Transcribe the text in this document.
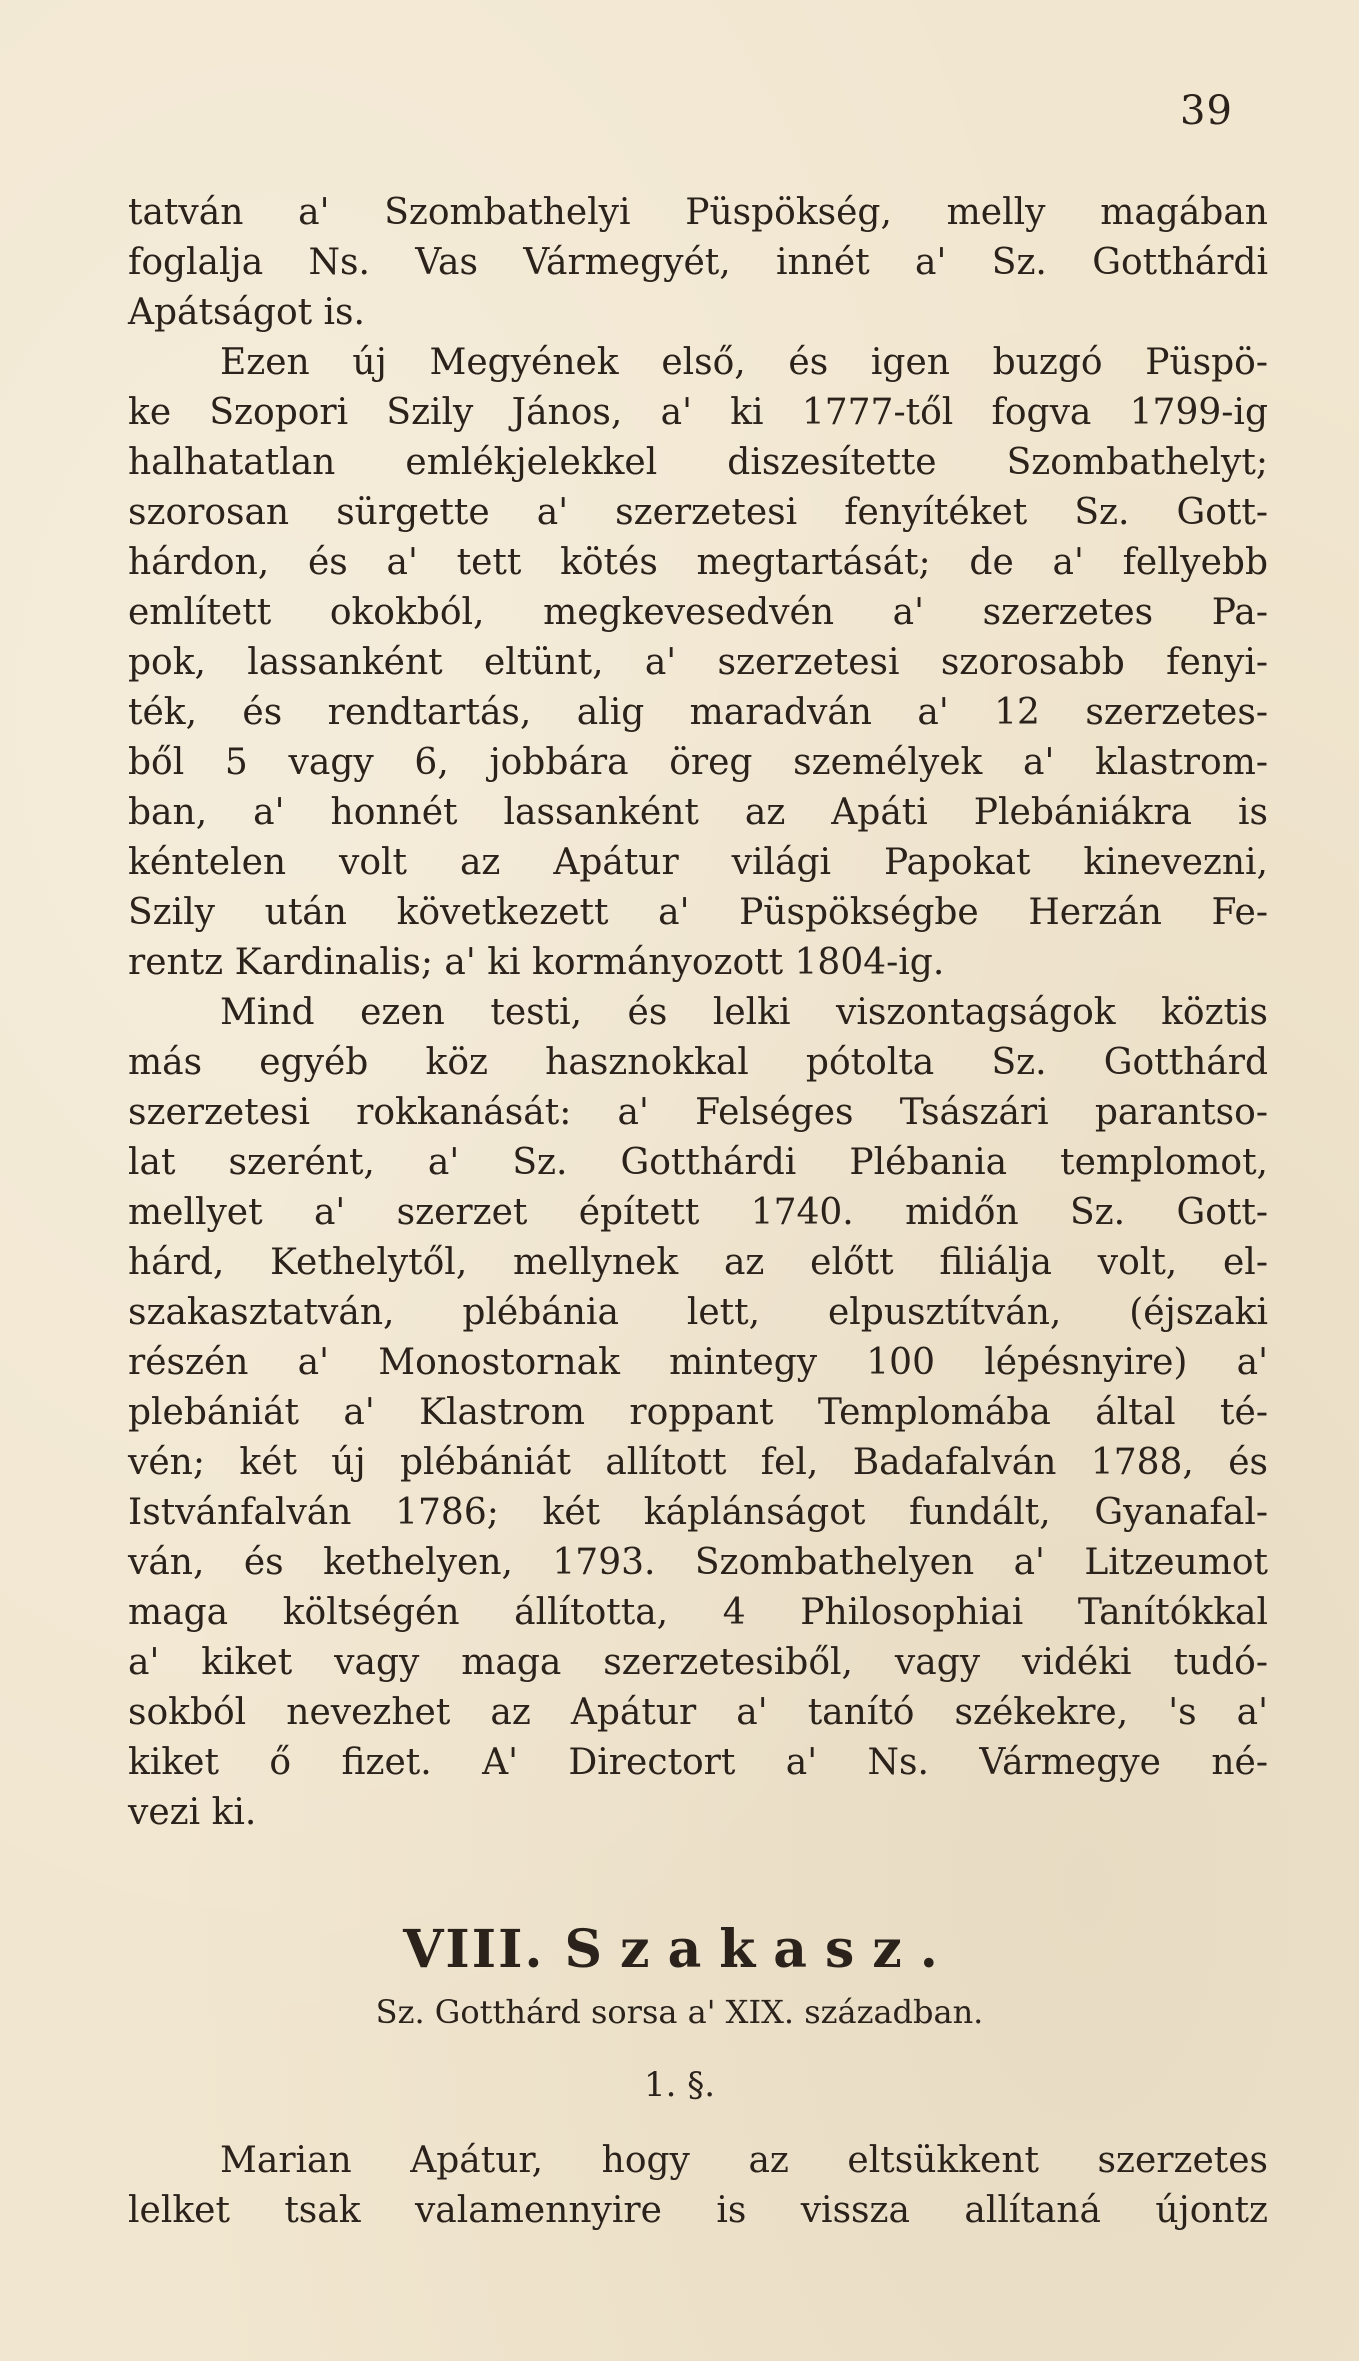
39
tatván a' Szombathelyi Püspökség, melly magában
foglalja Ns. Vas Vármegyét, innét a' Sz. Gotthárdi
Apátságot is.
Ezen új Megyének első, és igen buzgó Püspö-
ke Szopori Szily János, a' ki 1777-től fogva 1799-ig
halhatatlan emlékjelekkel diszesítette Szombathelyt;
szorosan sürgette a' szerzetesi fenyítéket Sz. Gott-
hárdon, és a' tett kötés megtartását; de a' fellyebb
említett okokból, megkevesedvén a' szerzetes Pa-
pok, lassanként eltünt, a' szerzetesi szorosabb fenyi-
ték, és rendtartás, alig maradván a' 12 szerzetes-
ből 5 vagy 6, jobbára öreg személyek a' klastrom-
ban, a' honnét lassanként az Apáti Plebániákra is
kéntelen volt az Apátur világi Papokat kinevezni,
Szily után következett a' Püspökségbe Herzán Fe-
rentz Kardinalis; a' ki kormányozott 1804-ig.
Mind ezen testi, és lelki viszontagságok köztis
más egyéb köz hasznokkal pótolta Sz. Gotthárd
szerzetesi rokkanását: a' Felséges Tsászári parantso-
lat szerént, a' Sz. Gotthárdi Plébania templomot,
mellyet a' szerzet épített 1740. midőn Sz. Gott-
hárd, Kethelytől, mellynek az előtt filiálja volt, el-
szakasztatván, plébánia lett, elpusztítván, (éjszaki
részén a' Monostornak mintegy 100 lépésnyire) a'
plebániát a' Klastrom roppant Templomába által té-
vén; két új plébániát allított fel, Badafalván 1788, és
Istvánfalván 1786; két káplánságot fundált, Gyanafal-
ván, és kethelyen, 1793. Szombathelyen a' Litzeumot
maga költségén állította, 4 Philosophiai Tanítókkal
a' kiket vagy maga szerzetesiből, vagy vidéki tudó-
sokból nevezhet az Apátur a' tanító székekre, 's a'
kiket ő fizet. A' Directort a' Ns. Vármegye né-
vezi ki.
VIII. Szakasz.
Sz. Gotthárd sorsa a' XIX. században.
1. §.
Marian Apátur, hogy az eltsükkent szerzetes
lelket tsak valamennyire is vissza allítaná újontz
